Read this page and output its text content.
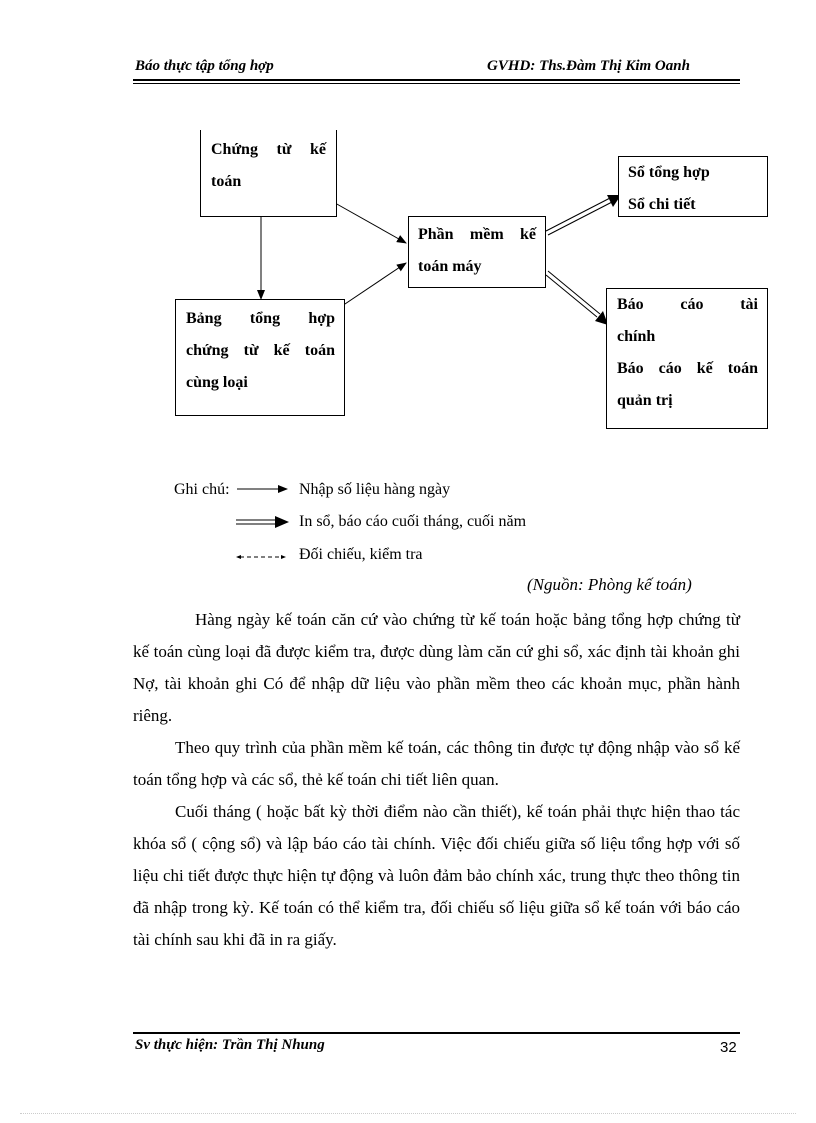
Báo thực tập tổng hợp	GVHD: Ths.Đàm Thị Kim Oanh
Chứng từ kế
toán
Bảng tổng hợp
chứng từ kế toán
cùng loại
Phần mềm kế
toán máy
Sổ tổng hợp
Sổ chi tiết
Báo cáo tài
chính
Báo cáo kế toán
quản trị
Ghi chú:	Nhập số liệu hàng ngày
In sổ, báo cáo cuối tháng, cuối năm
Đối chiếu, kiểm tra
(Nguồn: Phòng kế toán)

Hàng ngày kế toán căn cứ vào chứng từ kế toán hoặc bảng tổng hợp chứng từ kế toán cùng loại đã được kiểm tra, được dùng làm căn cứ ghi sổ, xác định tài khoản ghi Nợ, tài khoản ghi Có để nhập dữ liệu vào phần mềm theo các khoản mục, phần hành riêng.

Theo quy trình của phần mềm kế toán, các thông tin được tự động nhập vào sổ kế toán tổng hợp và các sổ, thẻ kế toán chi tiết liên quan.

Cuối tháng ( hoặc bất kỳ thời điểm nào cần thiết), kế toán phải thực hiện thao tác khóa sổ ( cộng sổ) và lập báo cáo tài chính. Việc đối chiếu giữa số liệu tổng hợp với số liệu chi tiết được thực hiện tự động và luôn đảm bảo chính xác, trung thực theo thông tin đã nhập trong kỳ. Kế toán có thể kiểm tra, đối chiếu số liệu giữa sổ kế toán với báo cáo tài chính sau khi đã in ra giấy.

Sv thực hiện: Trần Thị Nhung	32
